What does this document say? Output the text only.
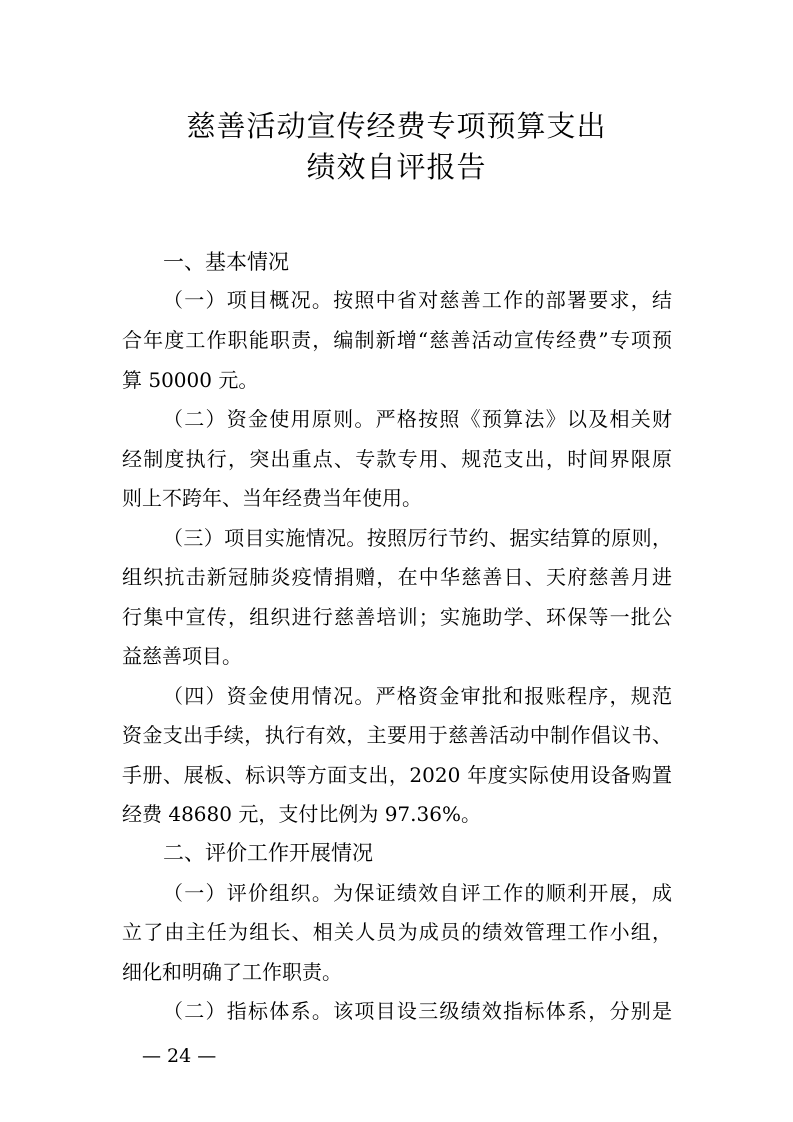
慈善活动宣传经费专项预算支出
绩效自评报告
一、基本情况
（一）项目概况。按照中省对慈善工作的部署要求，结
合年度工作职能职责，编制新增“慈善活动宣传经费”专项预
算 50000 元。
（二）资金使用原则。严格按照《预算法》以及相关财
经制度执行，突出重点、专款专用、规范支出，时间界限原
则上不跨年、当年经费当年使用。
（三）项目实施情况。按照厉行节约、据实结算的原则，
组织抗击新冠肺炎疫情捐赠，在中华慈善日、天府慈善月进
行集中宣传，组织进行慈善培训；实施助学、环保等一批公
益慈善项目。
（四）资金使用情况。严格资金审批和报账程序，规范
资金支出手续，执行有效，主要用于慈善活动中制作倡议书、
手册、展板、标识等方面支出，2020 年度实际使用设备购置
经费 48680 元，支付比例为 97.36%。
二、评价工作开展情况
（一）评价组织。为保证绩效自评工作的顺利开展，成
立了由主任为组长、相关人员为成员的绩效管理工作小组，
细化和明确了工作职责。
（二）指标体系。该项目设三级绩效指标体系，分别是
— 24 —
